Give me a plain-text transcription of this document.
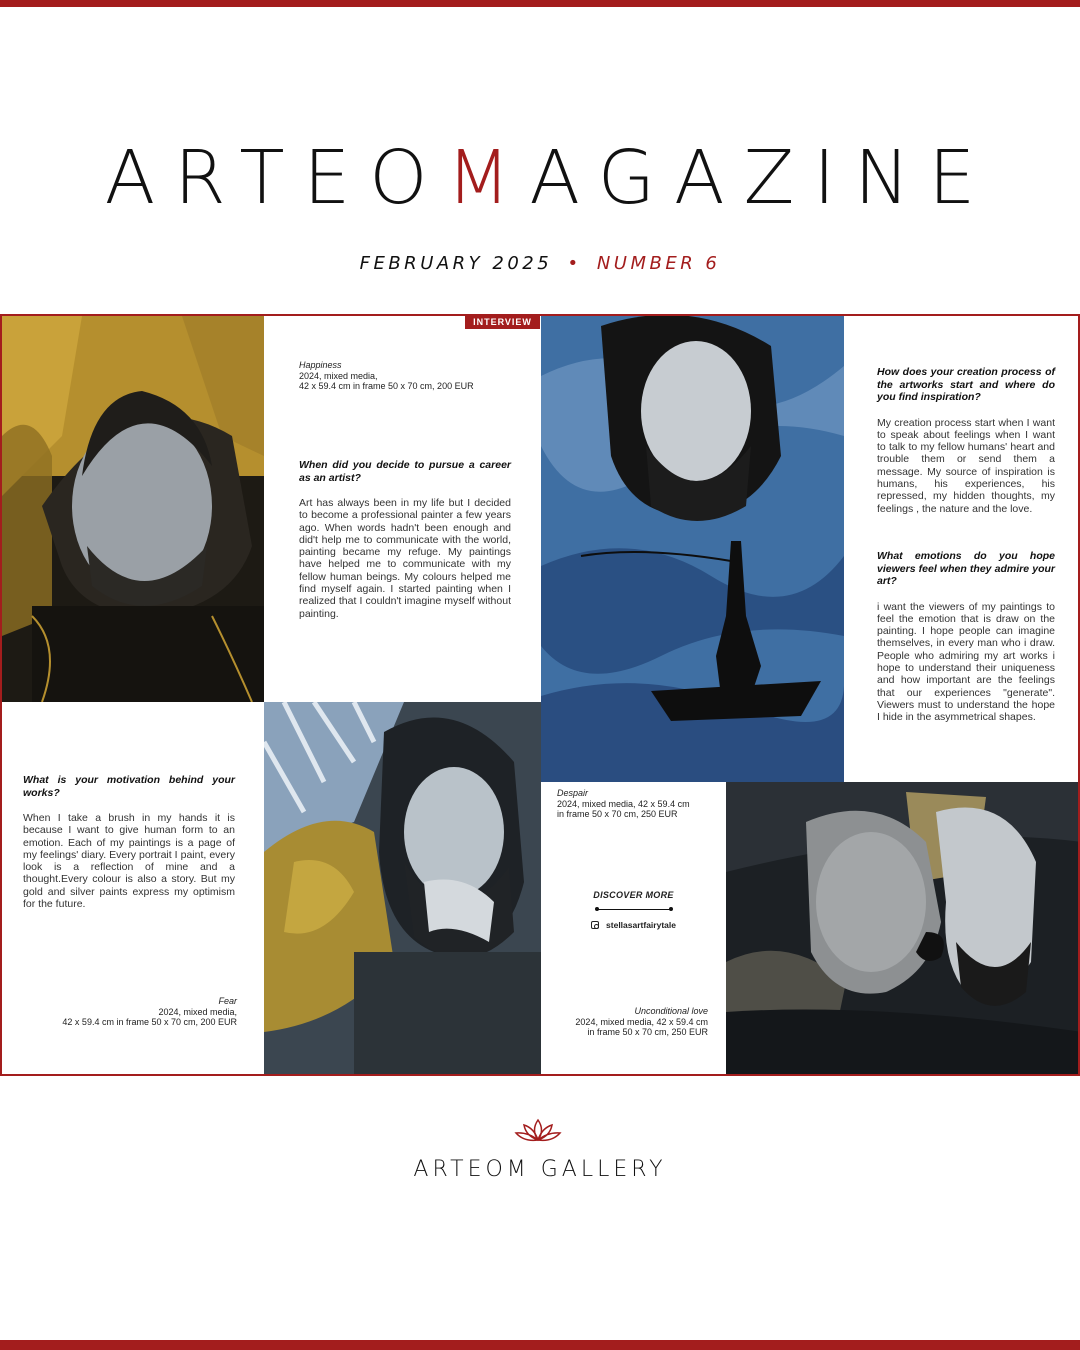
ARTEOMAGAZINE
FEBRUARY 2025 • NUMBER 6
Happiness
2024, mixed media,
42 x 59.4 cm in frame 50 x 70 cm, 200 EUR
When did you decide to pursue a career as an artist?
Art has always been in my life but I decided to become a professional painter a few years ago. When words hadn't been enough and did't help me to communicate with the world, painting became my refuge. My paintings have helped me to communicate with my fellow human beings. My colours helped me find myself again. I started painting when I realized that I couldn't imagine myself without painting.
INTERVIEW
What is your motivation behind your works?
When I take a brush in my hands it is because I want to give human form to an emotion. Each of my paintings is a page of my feelings' diary. Every portrait I paint, every look is a reflection of mine and a thought.Every colour is also a story. But my gold and silver paints express my optimism for the future.
Fear
2024, mixed media,
42 x 59.4 cm in frame 50 x 70 cm, 200 EUR
How does your creation process of the artworks start and where do you find inspiration?
My creation process start when I want to speak about feelings when I want to talk to my fellow humans' heart and trouble them or send them a message. My source of inspiration is humans, his experiences, his repressed, my hidden thoughts, my feelings , the nature and the love.
What emotions do you hope viewers feel when they admire your art?
i want the viewers of my paintings to feel the emotion that is draw on the painting. I hope people can imagine themselves, in every man who i draw. People who admiring my art works i hope to understand their uniqueness and how important are the feelings that our experiences "generate". Viewers must to understand the hope I hide in the asymmetrical shapes.
Despair
2024, mixed media, 42 x 59.4 cm
in frame 50 x 70 cm, 250 EUR
DISCOVER MORE
stellasartfairytale
Unconditional love
2024, mixed media, 42 x 59.4 cm
in frame 50 x 70 cm, 250 EUR
ARTEOM GALLERY
